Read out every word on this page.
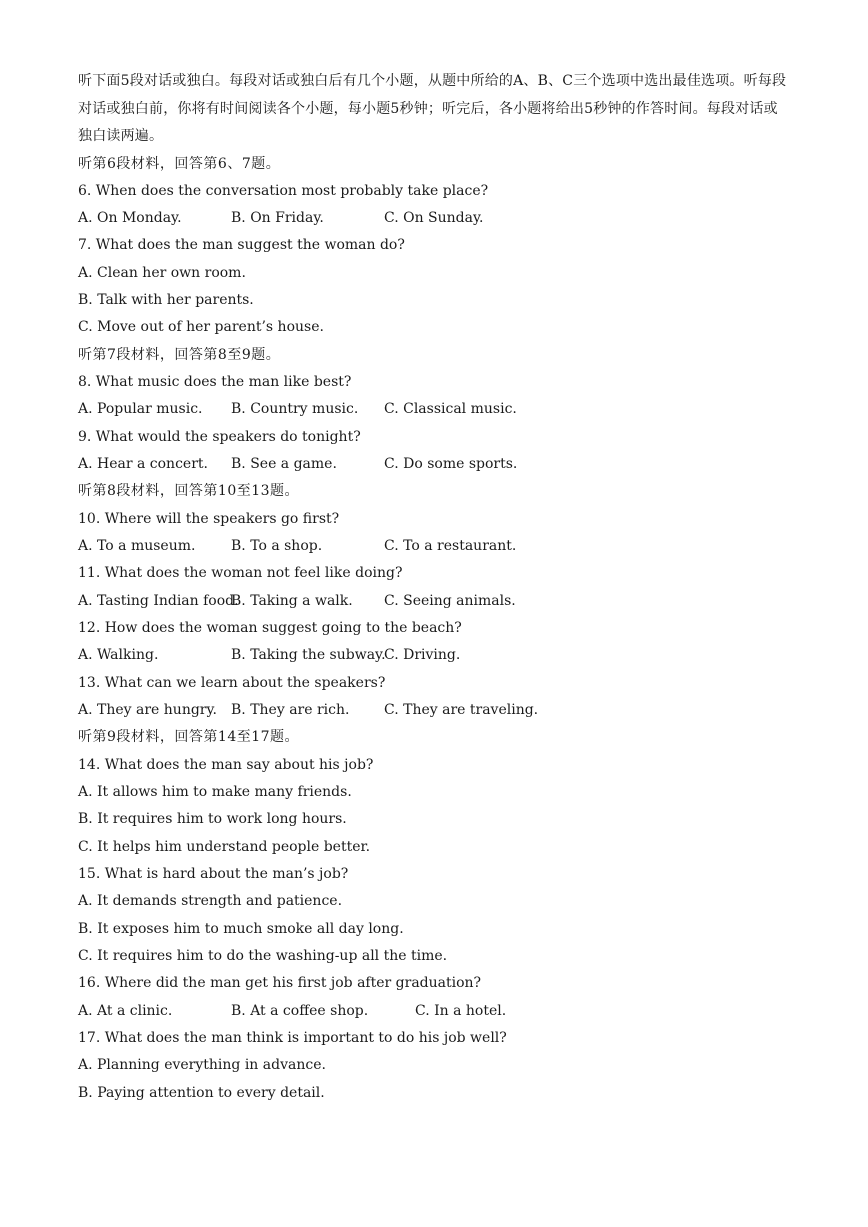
听下面5段对话或独白。每段对话或独白后有几个小题，从题中所给的A、B、C三个选项中选出最佳选项。听每段对话或独白前，你将有时间阅读各个小题，每小题5秒钟；听完后，各小题将给出5秒钟的作答时间。每段对话或独白读两遍。
听第6段材料，回答第6、7题。
6. When does the conversation most probably take place?
A. On Monday.	B. On Friday.	C. On Sunday.
7. What does the man suggest the woman do?
A. Clean her own room.
B. Talk with her parents.
C. Move out of her parent’s house.
听第7段材料，回答第8至9题。
8. What music does the man like best?
A. Popular music. B. Country music. C. Classical music.
9. What would the speakers do tonight?
A. Hear a concert. B. See a game.	C. Do some sports.
听第8段材料，回答第10至13题。
10. Where will the speakers go first?
A. To a museum.	B. To a shop.	C. To a restaurant.
11. What does the woman not feel like doing?
A. Tasting Indian food.
B. Taking a walk. C. Seeing animals.
12. How does the woman suggest going to the beach?
A. Walking.	B. Taking the subway.
C. Driving.
13. What can we learn about the speakers?
A. They are hungry. B. They are rich. C. They are traveling.
听第9段材料，回答第14至17题。
14. What does the man say about his job?
A. It allows him to make many friends.
B. It requires him to work long hours.
C. It helps him understand people better.
15. What is hard about the man’s job?
A. It demands strength and patience.
B. It exposes him to much smoke all day long.
C. It requires him to do the washing-up all the time.
16. Where did the man get his first job after graduation?
A. At a clinic.	B. At a coffee shop.	C. In a hotel.
17. What does the man think is important to do his job well?
A. Planning everything in advance.
B. Paying attention to every detail.
